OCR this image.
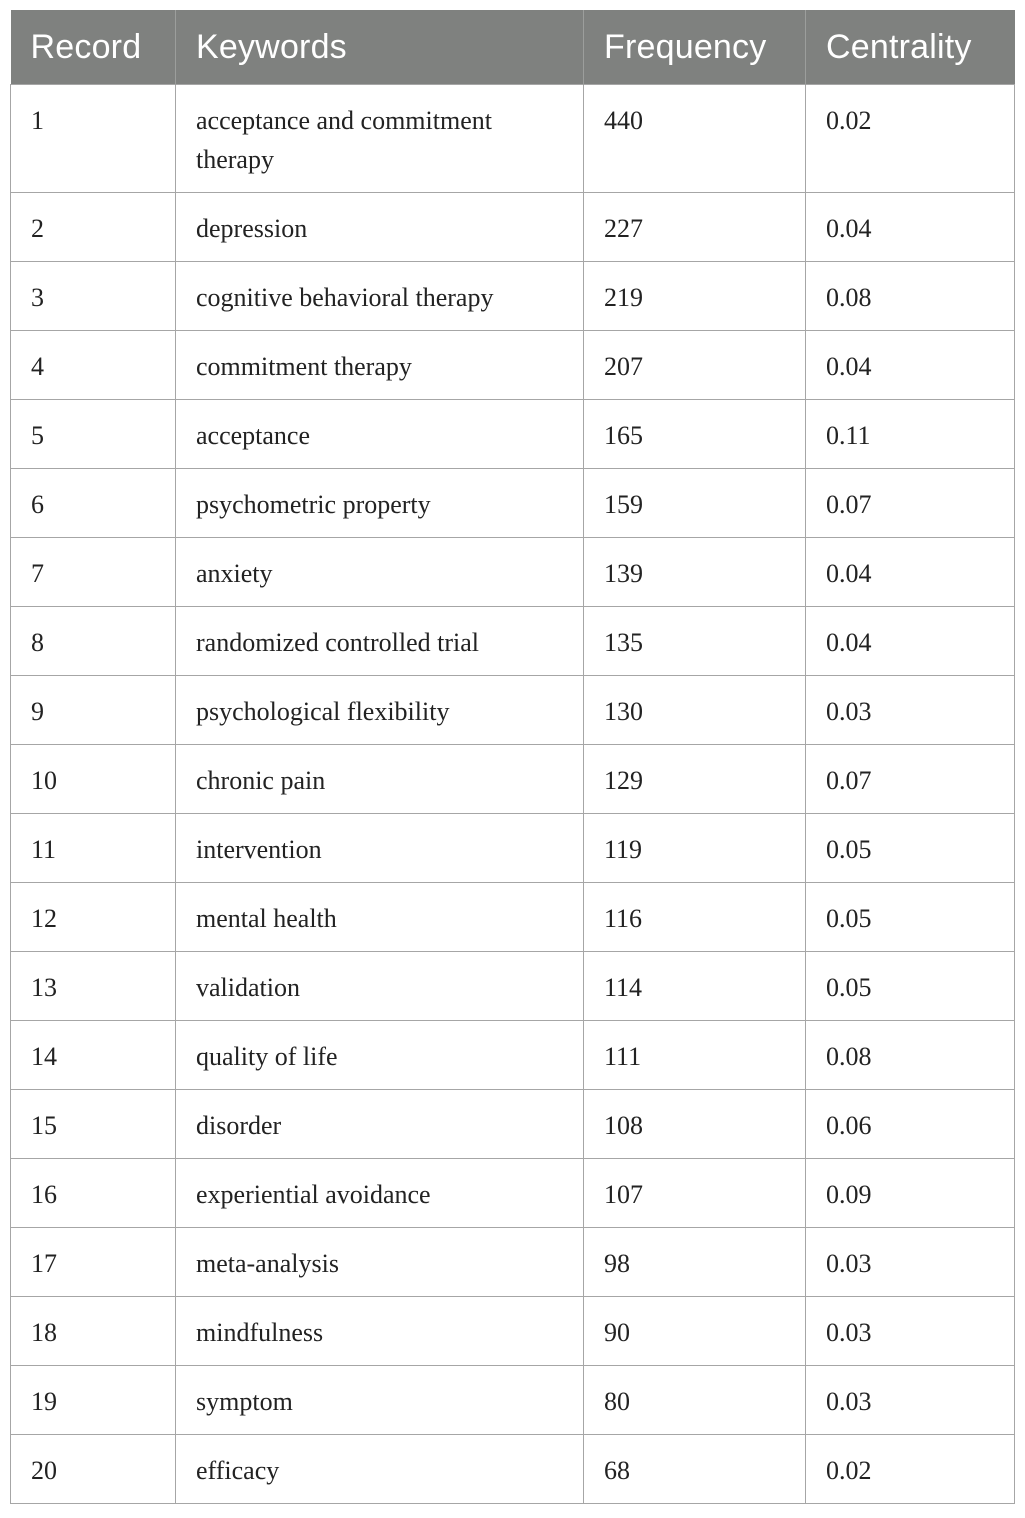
Record	Keywords	Frequency	Centrality
1	acceptance and commitment therapy	440	0.02
2	depression	227	0.04
3	cognitive behavioral therapy	219	0.08
4	commitment therapy	207	0.04
5	acceptance	165	0.11
6	psychometric property	159	0.07
7	anxiety	139	0.04
8	randomized controlled trial	135	0.04
9	psychological flexibility	130	0.03
10	chronic pain	129	0.07
11	intervention	119	0.05
12	mental health	116	0.05
13	validation	114	0.05
14	quality of life	111	0.08
15	disorder	108	0.06
16	experiential avoidance	107	0.09
17	meta-analysis	98	0.03
18	mindfulness	90	0.03
19	symptom	80	0.03
20	efficacy	68	0.02
